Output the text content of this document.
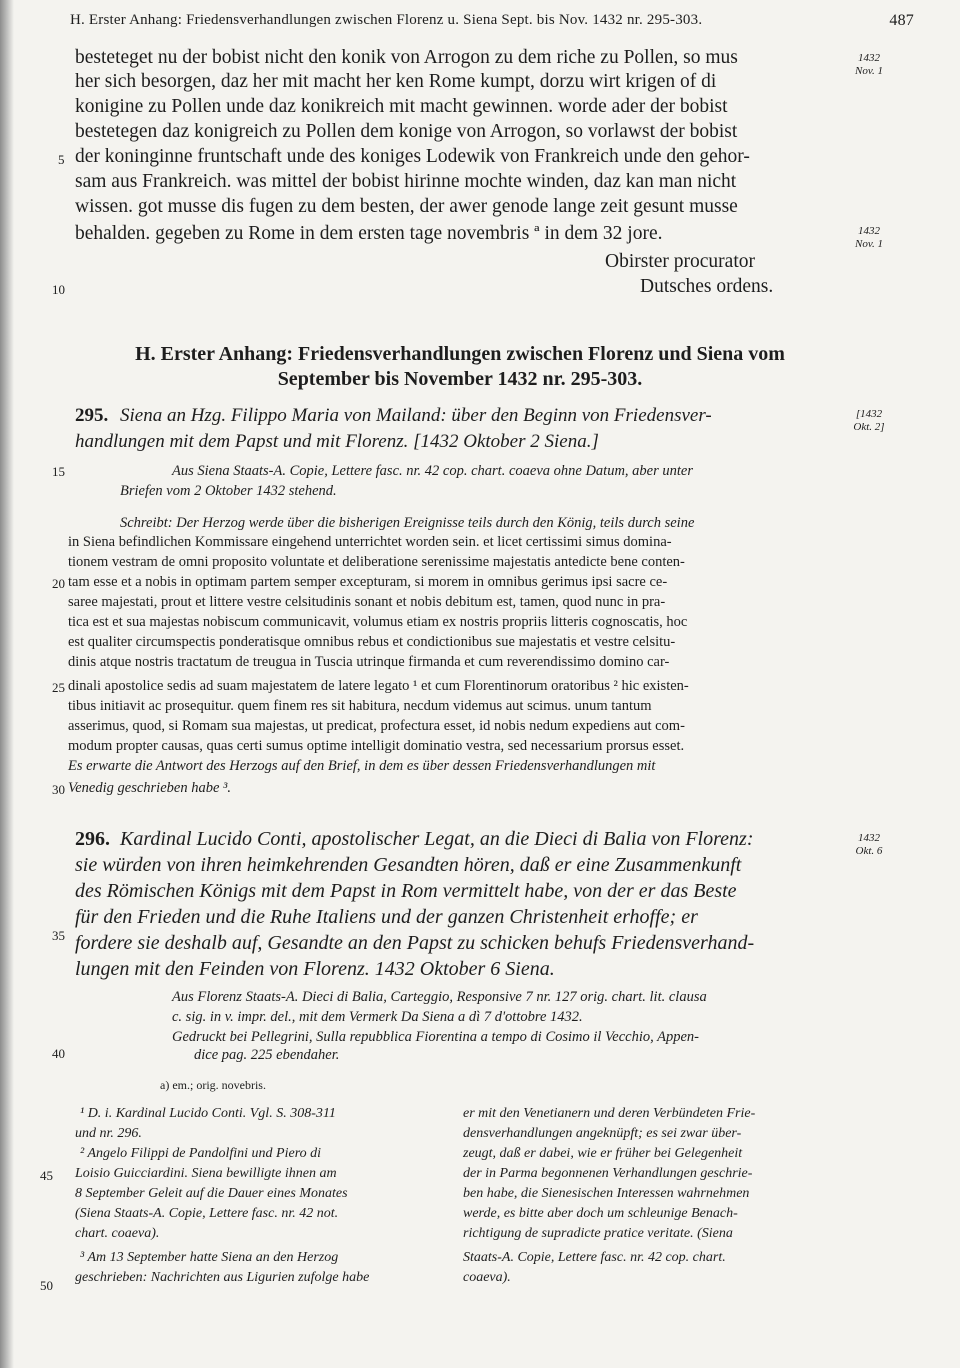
H. Erster Anhang: Friedensverhandlungen zwischen Florenz u. Siena Sept. bis Nov. 1432 nr. 295-303.	487
besteteget nu der bobist nicht den konik von Arrogon zu dem riche zu Pollen, so mus
her sich besorgen, daz her mit macht her ken Rome kumpt, dorzu wirt krigen of di
konigine zu Pollen unde daz konikreich mit macht gewinnen. worde ader der bobist
bestetegen daz konigreich zu Pollen dem konige von Arrogon, so vorlawst der bobist
der koninginne fruntschaft unde des koniges Lodewik von Frankreich unde den gehor-
sam aus Frankreich. was mittel der bobist hirinne mochte winden, daz kan man nicht
wissen. got musse dis fugen zu dem besten, der awer genode lange zeit gesunt musse
behalden. gegeben zu Rome in dem ersten tage novembris ª in dem 32 jore.
Obirster procurator
Dutsches ordens.
1432
Nov. 1
1432
Nov. 1
5
10
15
20
25
30
35
40
45
50
H. Erster Anhang: Friedensverhandlungen zwischen Florenz und Siena vom
September bis November 1432 nr. 295-303.
295. Siena an Hzg. Filippo Maria von Mailand: über den Beginn von Friedensver-
handlungen mit dem Papst und mit Florenz. [1432 Oktober 2 Siena.]
[1432
Okt. 2]
Aus Siena Staats-A. Copie, Lettere fasc. nr. 42 cop. chart. coaeva ohne Datum, aber unter
Briefen vom 2 Oktober 1432 stehend.
Schreibt: Der Herzog werde über die bisherigen Ereignisse teils durch den König, teils durch seine
in Siena befindlichen Kommissare eingehend unterrichtet worden sein. et licet certissimi simus domina-
tionem vestram de omni proposito voluntate et deliberatione serenissime majestatis antedicte bene conten-
tam esse et a nobis in optimam partem semper excepturam, si morem in omnibus gerimus ipsi sacre ce-
saree majestati, prout et littere vestre celsitudinis sonant et nobis debitum est, tamen, quod nunc in pra-
tica est et sua majestas nobiscum communicavit, volumus etiam ex nostris propriis litteris cognoscatis, hoc
est qualiter circumspectis ponderatisque omnibus rebus et condictionibus sue majestatis et vestre celsitu-
dinis atque nostris tractatum de treugua in Tuscia utrinque firmanda et cum reverendissimo domino car-
dinali apostolice sedis ad suam majestatem de latere legato ¹ et cum Florentinorum oratoribus ² hic existen-
tibus initiavit ac prosequitur. quem finem res sit habitura, necdum videmus aut scimus. unum tantum
asserimus, quod, si Romam sua majestas, ut predicat, profectura esset, id nobis nedum expediens aut com-
modum propter causas, quas certi sumus optime intelligit dominatio vestra, sed necessarium prorsus esset.
Es erwarte die Antwort des Herzogs auf den Brief, in dem es über dessen Friedensverhandlungen mit
Venedig geschrieben habe ³.
296. Kardinal Lucido Conti, apostolischer Legat, an die Dieci di Balia von Florenz:
sie würden von ihren heimkehrenden Gesandten hören, daß er eine Zusammenkunft
des Römischen Königs mit dem Papst in Rom vermittelt habe, von der er das Beste
für den Frieden und die Ruhe Italiens und der ganzen Christenheit erhoffe; er
fordere sie deshalb auf, Gesandte an den Papst zu schicken behufs Friedensverhand-
lungen mit den Feinden von Florenz. 1432 Oktober 6 Siena.
1432
Okt. 6
Aus Florenz Staats-A. Dieci di Balia, Carteggio, Responsive 7 nr. 127 orig. chart. lit. clausa
c. sig. in v. impr. del., mit dem Vermerk Da Siena a dì 7 d'ottobre 1432.
Gedruckt bei Pellegrini, Sulla repubblica Fiorentina a tempo di Cosimo il Vecchio, Appen-
dice pag. 225 ebendaher.
a) em.; orig. novebris.
¹ D. i. Kardinal Lucido Conti. Vgl. S. 308-311
und nr. 296.
² Angelo Filippi de Pandolfini und Piero di
Loisio Guicciardini. Siena bewilligte ihnen am
8 September Geleit auf die Dauer eines Monates
(Siena Staats-A. Copie, Lettere fasc. nr. 42 not.
chart. coaeva).
³ Am 13 September hatte Siena an den Herzog
geschrieben: Nachrichten aus Ligurien zufolge habe
er mit den Venetianern und deren Verbündeten Frie-
densverhandlungen angeknüpft; es sei zwar über-
zeugt, daß er dabei, wie er früher bei Gelegenheit
der in Parma begonnenen Verhandlungen geschrie-
ben habe, die Sienesischen Interessen wahrnehmen
werde, es bitte aber doch um schleunige Benach-
richtigung de supradicte pratice veritate. (Siena
Staats-A. Copie, Lettere fasc. nr. 42 cop. chart.
coaeva).
